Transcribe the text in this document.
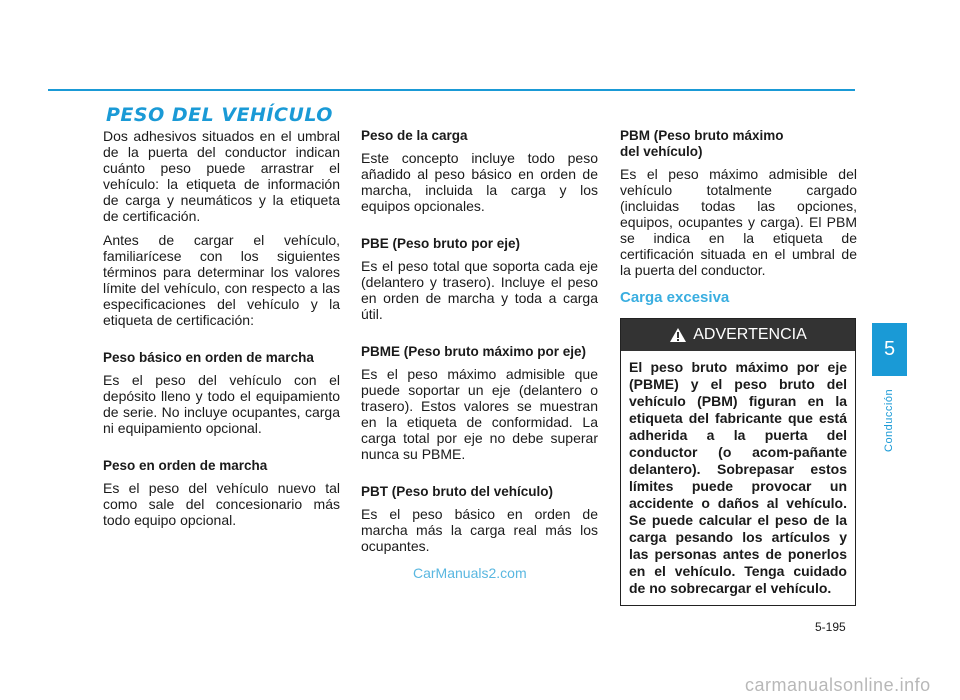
PESO DEL VEHÍCULO

Dos adhesivos situados en el umbral de la puerta del conductor indican cuánto peso puede arrastrar el vehículo: la etiqueta de información de carga y neumáticos y la etiqueta de certificación.

Antes de cargar el vehículo, familiarícese con los siguientes términos para determinar los valores límite del vehículo, con respecto a las especificaciones del vehículo y la etiqueta de certificación:

Peso básico en orden de marcha

Es el peso del vehículo con el depósito lleno y todo el equipamiento de serie. No incluye ocupantes, carga ni equipamiento opcional.

Peso en orden de marcha

Es el peso del vehículo nuevo tal como sale del concesionario más todo equipo opcional.

Peso de la carga

Este concepto incluye todo peso añadido al peso básico en orden de marcha, incluida la carga y los equipos opcionales.

PBE (Peso bruto por eje)

Es el peso total que soporta cada eje (delantero y trasero). Incluye el peso en orden de marcha y toda a carga útil.

PBME (Peso bruto máximo por eje)

Es el peso máximo admisible que puede soportar un eje (delantero o trasero). Estos valores se muestran en la etiqueta de conformidad. La carga total por eje no debe superar nunca su PBME.

PBT (Peso bruto del vehículo)

Es el peso básico en orden de marcha más la carga real más los ocupantes.

PBM (Peso bruto máximo
del vehículo)

Es el peso máximo admisible del vehículo totalmente cargado (incluidas todas las opciones, equipos, ocupantes y carga). El PBM se indica en la etiqueta de certificación situada en el umbral de la puerta del conductor.

Carga excesiva
ADVERTENCIA
El peso bruto máximo por eje (PBME) y el peso bruto del vehículo (PBM) figuran en la etiqueta del fabricante que está adherida a la puerta del conductor (o acom-pañante delantero). Sobrepasar estos límites puede provocar un accidente o daños al vehículo. Se puede calcular el peso de la carga pesando los artículos y las personas antes de ponerlos en el vehículo. Tenga cuidado de no sobrecargar el vehículo.
5
Conducción
5-195
CarManuals2.com
carmanualsonline.info
